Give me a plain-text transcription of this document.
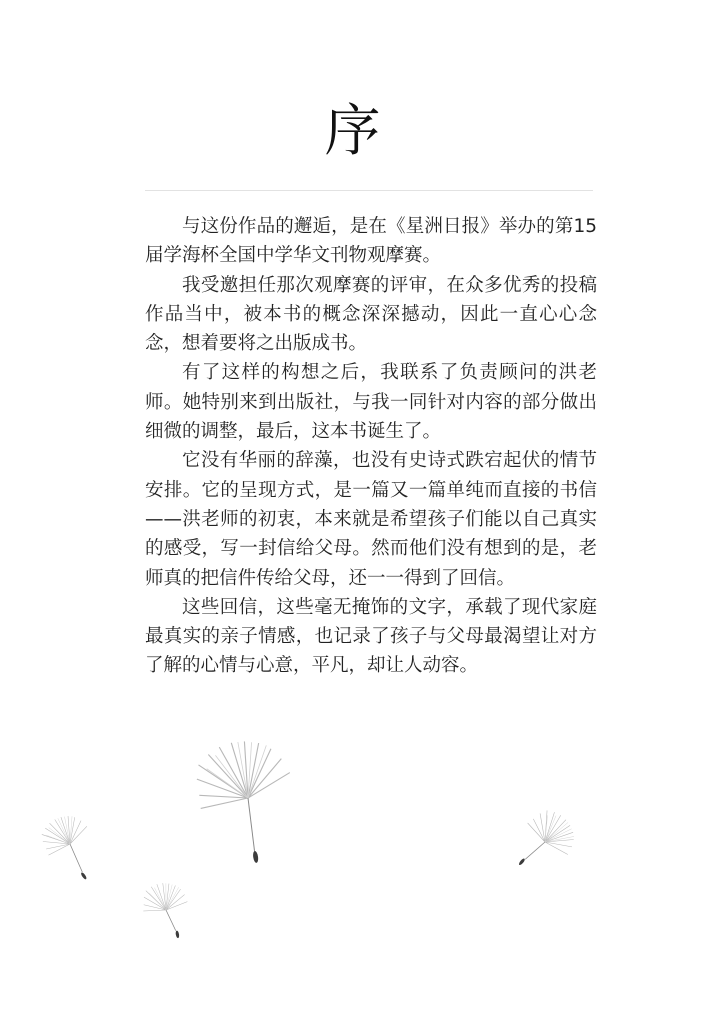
序

与这份作品的邂逅，是在《星洲日报》举办的第15届学海杯全国中学华文刊物观摩赛。

我受邀担任那次观摩赛的评审，在众多优秀的投稿作品当中，被本书的概念深深撼动，因此一直心心念念，想着要将之出版成书。

有了这样的构想之后，我联系了负责顾问的洪老师。她特别来到出版社，与我一同针对内容的部分做出细微的调整，最后，这本书诞生了。

它没有华丽的辞藻，也没有史诗式跌宕起伏的情节安排。它的呈现方式，是一篇又一篇单纯而直接的书信——洪老师的初衷，本来就是希望孩子们能以自己真实的感受，写一封信给父母。然而他们没有想到的是，老师真的把信件传给父母，还一一得到了回信。

这些回信，这些毫无掩饰的文字，承载了现代家庭最真实的亲子情感，也记录了孩子与父母最渴望让对方了解的心情与心意，平凡，却让人动容。
